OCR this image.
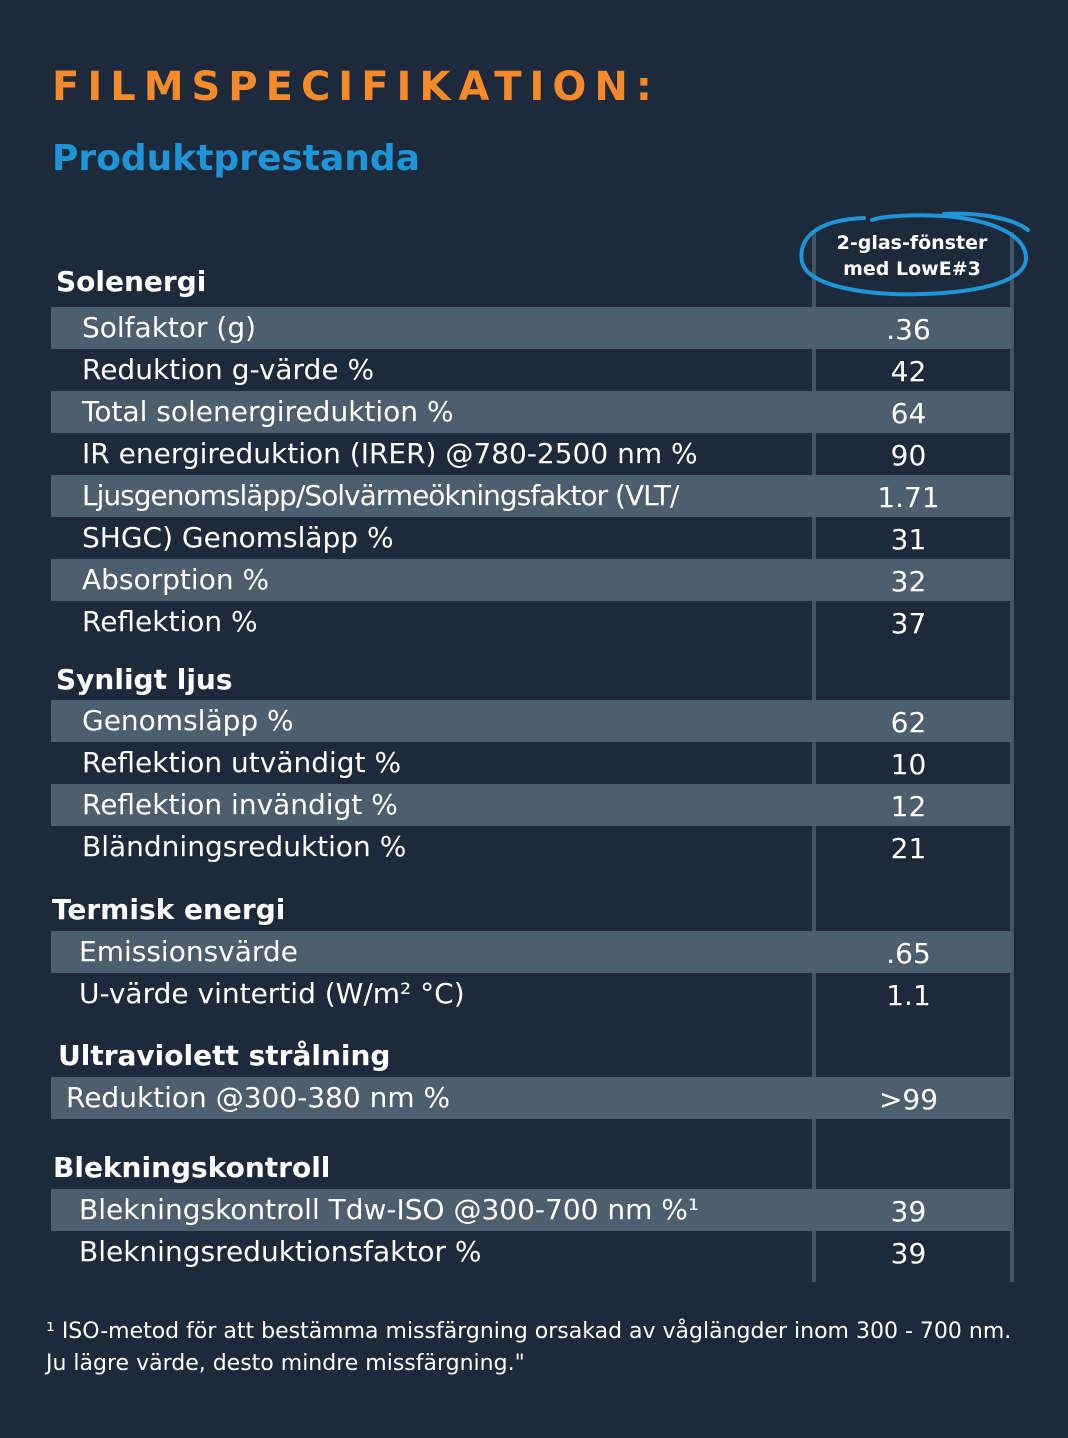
FILMSPECIFIKATION:
Produktprestanda
2-glas-fönster
med LowE#3
Solenergi
Solfaktor (g)	.36
Reduktion g-värde %	42
Total solenergireduktion %	64
IR energireduktion (IRER) @780-2500 nm %	90
Ljusgenomsläpp/Solvärmeökningsfaktor (VLT/	1.71
SHGC) Genomsläpp %	31
Absorption %	32
Reflektion %	37
Synligt ljus
Genomsläpp %	62
Reflektion utvändigt %	10
Reflektion invändigt %	12
Bländningsreduktion %	21
Termisk energi
Emissionsvärde	.65
U-värde vintertid (W/m² °C)	1.1
Ultraviolett strålning
Reduktion @300-380 nm %	>99
Blekningskontroll
Blekningskontroll Tdw-ISO @300-700 nm %¹	39
Blekningsreduktionsfaktor %	39
¹ ISO-metod för att bestämma missfärgning orsakad av våglängder inom 300 - 700 nm.
Ju lägre värde, desto mindre missfärgning."
